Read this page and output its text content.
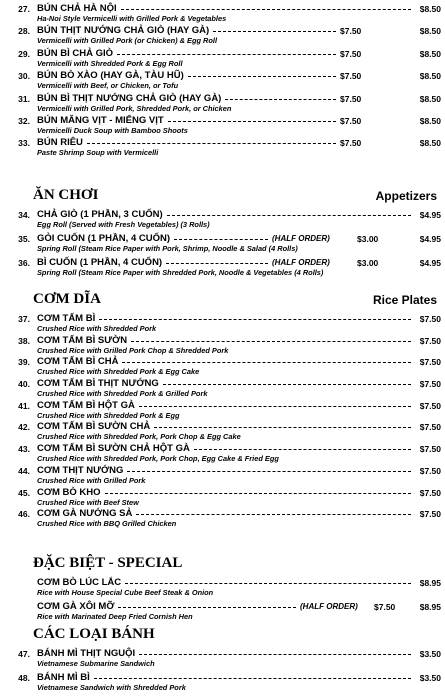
27. BÚN CHẢ HÀ NỘI
Ha-Noi Style Vermicelli with Grilled Pork & Vegetables
$8.50
28. BÚN THỊT NƯỚNG CHẢ GIÒ (HAY GÀ)
Vermicelli with Grilled Pork (or Chicken) & Egg Roll
$7.50	$8.50
29. BÚN BÌ CHẢ GIÒ
Vermicelli with Shredded Pork & Egg Roll
$7.50	$8.50
30. BÚN BÒ XÀO (HAY GÀ, TÀU HŨ)
Vermicelli with Beef, or Chicken, or Tofu
$7.50	$8.50
31. BÚN BÌ THỊT NƯỚNG CHẢ GIÒ (HAY GÀ)
Vermicelli with Grilled Pork, Shredded Pork, or Chicken
$7.50	$8.50
32. BÚN MĂNG VỊT - MIẾNG VỊT
Vermicelli Duck Soup with Bamboo Shoots
$7.50	$8.50
33. BÚN RIÊU
Paste Shrimp Soup with Vermicelli
$7.50	$8.50
ĂN CHƠI	Appetizers
34. CHẢ GIÒ (1 PHẦN, 3 CUỐN)
Egg Roll (Served with Fresh Vegetables) (3 Rolls)
$4.95
35. GỎI CUỐN (1 PHẦN, 4 CUỐN)
Spring Roll (Steam Rice Paper with Pork, Shrimp, Noodle & Salad (4 Rolls)
(HALF ORDER)	$3.00	$4.95
36. BÌ CUỐN (1 PHẦN, 4 CUỐN)
Spring Roll (Steam Rice Paper with Shredded Pork, Noodle & Vegetables (4 Rolls)
(HALF ORDER)	$3.00	$4.95
CƠM DĨA	Rice Plates
37. CƠM TẤM BÌ
Crushed Rice with Shredded Pork
$7.50
38. CƠM TẤM BÌ SƯỜN
Crushed Rice with Grilled Pork Chop & Shredded Pork
$7.50
39. CƠM TẤM BÌ CHẢ
Crushed Rice with Shredded Pork & Egg Cake
$7.50
40. CƠM TẤM BÌ THỊT NƯỚNG
Crushed Rice with Shredded Pork & Grilled Pork
$7.50
41. CƠM TẤM BÌ HỘT GÀ
Crushed Rice with Shredded Pork & Egg
$7.50
42. CƠM TẤM BÌ SƯỜN CHẢ
Crushed Rice with Shredded Pork, Pork Chop & Egg Cake
$7.50
43. CƠM TẤM BÌ SƯỜN CHẢ HỘT GÀ
Crushed Rice with Shredded Pork, Pork Chop, Egg Cake & Fried Egg
$7.50
44. CƠM THỊT NƯỚNG
Crushed Rice with Grilled Pork
$7.50
45. CƠM BÒ KHO
Crushed Rice with Beef Stew
$7.50
46. CƠM GÀ NƯỚNG SẢ
Crushed Rice with BBQ Grilled Chicken
$7.50
ĐẶC BIỆT - SPECIAL
CƠM BÒ LÚC LẮC
Rice with House Special Cube Beef Steak & Onion
$8.95
CƠM GÀ XÔI MỠ
Rice with Marinated Deep Fried Cornish Hen
(HALF ORDER) $7.50	$8.95
CÁC LOẠI BÁNH
47. BÁNH MÌ THỊT NGUỘI
Vietnamese Submarine Sandwich
$3.50
48. BÁNH MÌ BÌ
Vietnamese Sandwich with Shredded Pork
$3.50
